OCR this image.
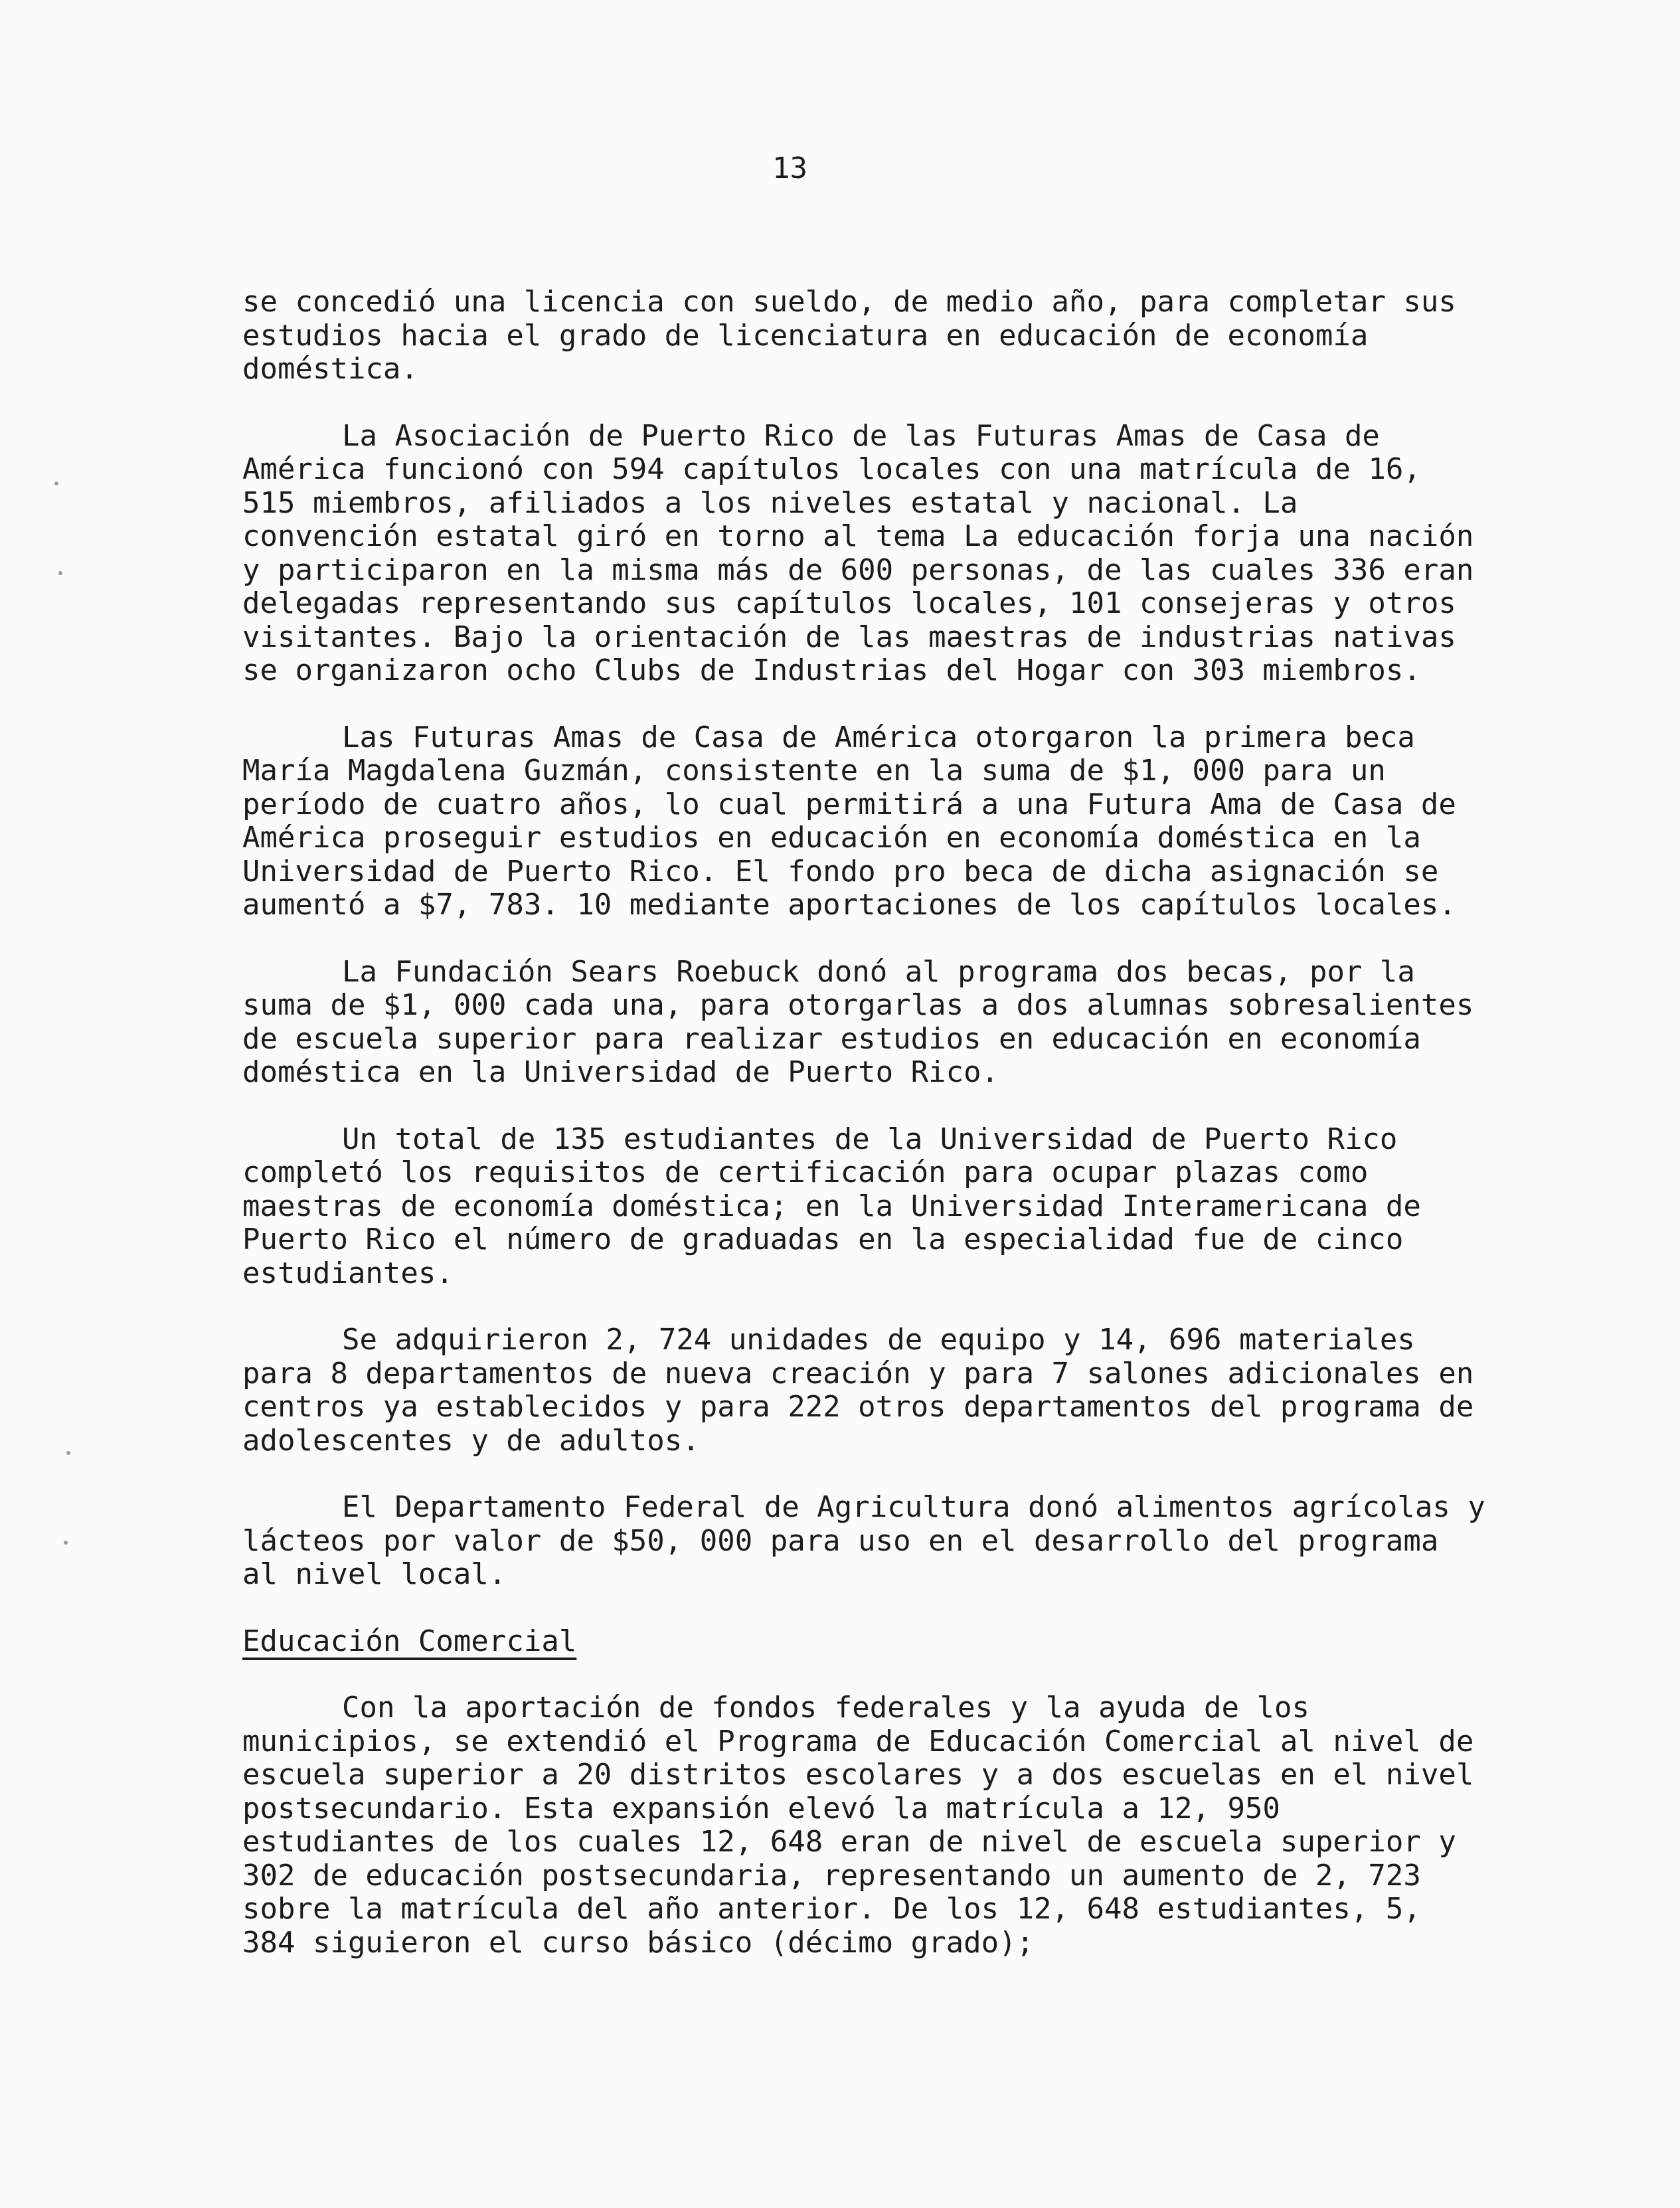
13

se concedió una licencia con sueldo, de medio año, para completar sus estudios hacia el grado de licenciatura en educación de economía doméstica.

La Asociación de Puerto Rico de las Futuras Amas de Casa de América funcionó con 594 capítulos locales con una matrícula de 16, 515 miembros, afiliados a los niveles estatal y nacional. La convención estatal giró en torno al tema La educación forja una nación y participaron en la misma más de 600 personas, de las cuales 336 eran delegadas representando sus capítulos locales, 101 consejeras y otros visitantes. Bajo la orientación de las maestras de industrias nativas se organizaron ocho Clubs de Industrias del Hogar con 303 miembros.

Las Futuras Amas de Casa de América otorgaron la primera beca María Magdalena Guzmán, consistente en la suma de $1, 000 para un período de cuatro años, lo cual permitirá a una Futura Ama de Casa de América proseguir estudios en educación en economía doméstica en la Universidad de Puerto Rico. El fondo pro beca de dicha asignación se aumentó a $7, 783. 10 mediante aportaciones de los capítulos locales.

La Fundación Sears Roebuck donó al programa dos becas, por la suma de $1, 000 cada una, para otorgarlas a dos alumnas sobresalientes de escuela superior para realizar estudios en educación en economía doméstica en la Universidad de Puerto Rico.

Un total de 135 estudiantes de la Universidad de Puerto Rico completó los requisitos de certificación para ocupar plazas como maestras de economía doméstica; en la Universidad Interamericana de Puerto Rico el número de graduadas en la especialidad fue de cinco estudiantes.

Se adquirieron 2, 724 unidades de equipo y 14, 696 materiales para 8 departamentos de nueva creación y para 7 salones adicionales en centros ya establecidos y para 222 otros departamentos del programa de adolescentes y de adultos.

El Departamento Federal de Agricultura donó alimentos agrícolas y lácteos por valor de $50, 000 para uso en el desarrollo del programa al nivel local.

Educación Comercial

Con la aportación de fondos federales y la ayuda de los municipios, se extendió el Programa de Educación Comercial al nivel de escuela superior a 20 distritos escolares y a dos escuelas en el nivel postsecundario. Esta expansión elevó la matrícula a 12, 950 estudiantes de los cuales 12, 648 eran de nivel de escuela superior y 302 de educación postsecundaria, representando un aumento de 2, 723 sobre la matrícula del año anterior. De los 12, 648 estudiantes, 5, 384 siguieron el curso básico (décimo grado);
